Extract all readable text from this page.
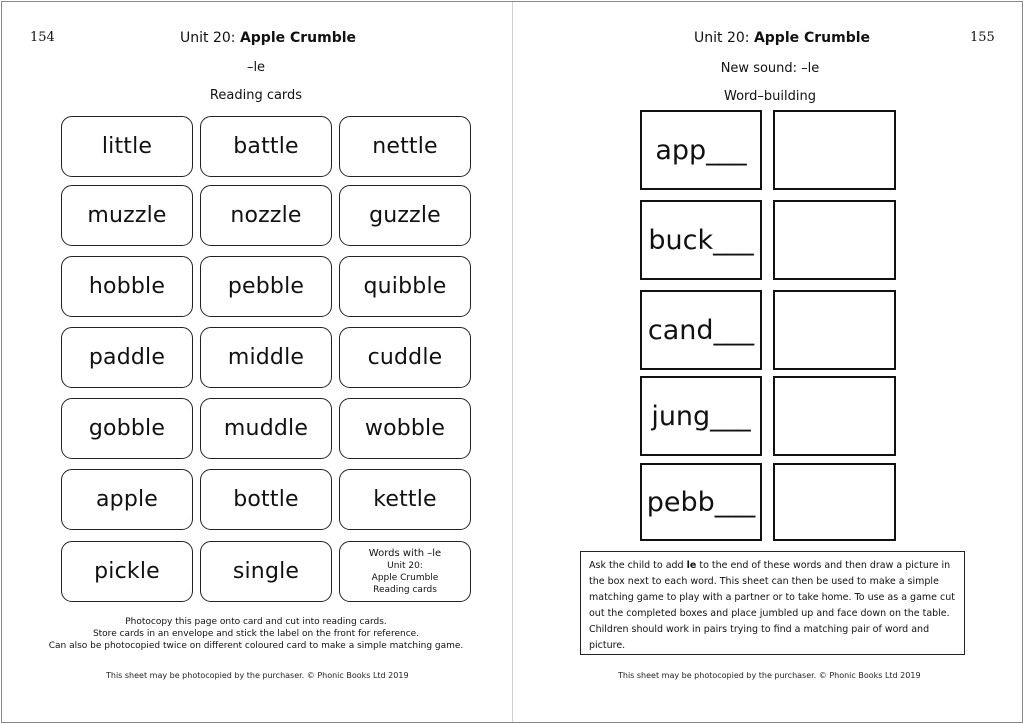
154	Unit 20: Apple Crumble
–le
Reading cards
little	battle	nettle
muzzle	nozzle	guzzle
hobble	pebble	quibble
paddle	middle	cuddle
gobble	muddle	wobble
apple	bottle	kettle
pickle	single
Words with –le
Unit 20:
Apple Crumble
Reading cards
Photocopy this page onto card and cut into reading cards.
Store cards in an envelope and stick the label on the front for reference.
Can also be photocopied twice on different coloured card to make a simple matching game.
This sheet may be photocopied by the purchaser. © Phonic Books Ltd 2019
155
Unit 20: Apple Crumble
New sound: –le
Word–building
app___
buck___
cand___
jung___
pebb___
Ask the child to add le to the end of these words and then draw a picture in the box next to each word. This sheet can then be used to make a simple matching game to play with a partner or to take home. To use as a game cut out the completed boxes and place jumbled up and face down on the table. Children should work in pairs trying to find a matching pair of word and picture.
This sheet may be photocopied by the purchaser. © Phonic Books Ltd 2019
